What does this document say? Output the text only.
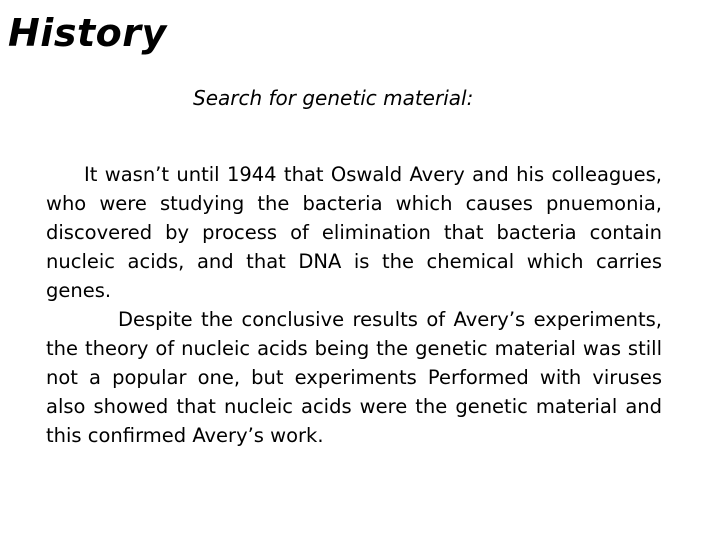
History
Search for genetic material:

It wasn’t until 1944 that Oswald Avery and his colleagues, who were studying the bacteria which causes pnuemonia, discovered by process of elimination that bacteria contain nucleic acids, and that DNA is the chemical which carries genes.

Despite the conclusive results of Avery’s experiments, the theory of nucleic acids being the genetic material was still not a popular one, but experiments Performed with viruses also showed that nucleic acids were the genetic material and this confirmed Avery’s work.
